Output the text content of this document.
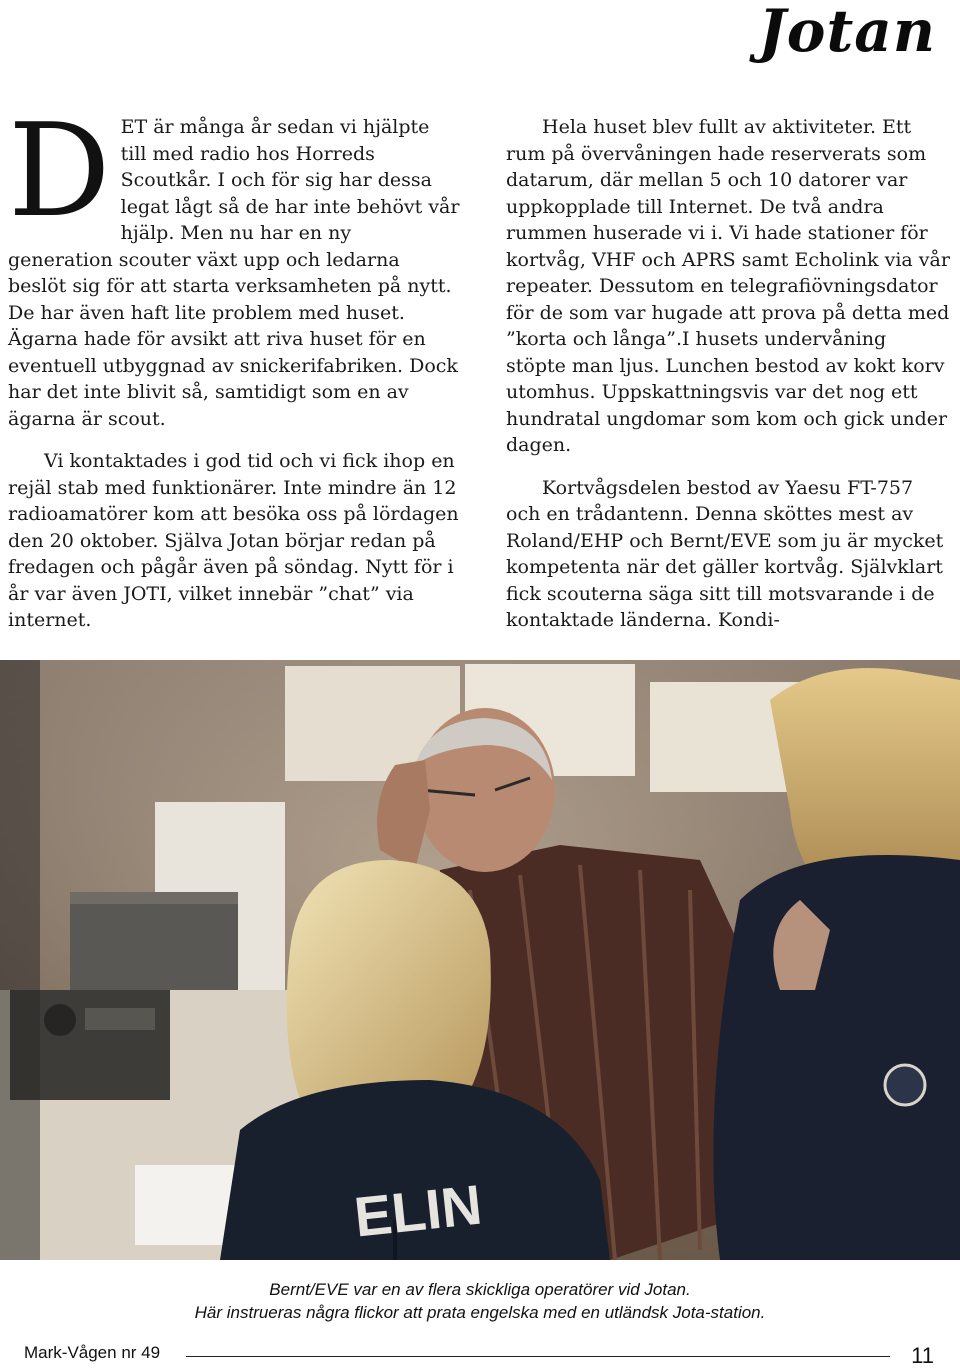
Jotan

DET är många år sedan vi hjälpte till med radio hos Horreds Scoutkår. I och för sig har dessa legat lågt så de har inte behövt vår hjälp. Men nu har en ny generation scouter växt upp och ledarna beslöt sig för att starta verksamheten på nytt. De har även haft lite problem med huset. Ägarna hade för avsikt att riva huset för en eventuell utbyggnad av snickerifabriken. Dock har det inte blivit så, samtidigt som en av ägarna är scout.

Vi kontaktades i god tid och vi fick ihop en rejäl stab med funktionärer. Inte mindre än 12 radioamatörer kom att besöka oss på lördagen den 20 oktober. Själva Jotan börjar redan på fredagen och pågår även på söndag. Nytt för i år var även JOTI, vilket innebär ”chat” via internet.

Hela huset blev fullt av aktiviteter. Ett rum på övervåningen hade reserverats som datarum, där mellan 5 och 10 datorer var uppkopplade till Internet. De två andra rummen huserade vi i. Vi hade stationer för kortvåg, VHF och APRS samt Echolink via vår repeater. Dessutom en telegrafiövningsdator för de som var hugade att prova på detta med ”korta och långa”.I husets undervåning stöpte man ljus. Lunchen bestod av kokt korv utomhus. Uppskattningsvis var det nog ett hundratal ungdomar som kom och gick under dagen.

Kortvågsdelen bestod av Yaesu FT-757 och en trådantenn. Denna sköttes mest av Roland/EHP och Bernt/EVE som ju är mycket kompetenta när det gäller kortvåg. Självklart fick scouterna säga sitt till motsvarande i de kontaktade länderna. Kondi-

ELIN
Bernt/EVE var en av flera skickliga operatörer vid Jotan.
Här instrueras några flickor att prata engelska med en utländsk Jota-station.
Mark-Vågen nr 49	11
